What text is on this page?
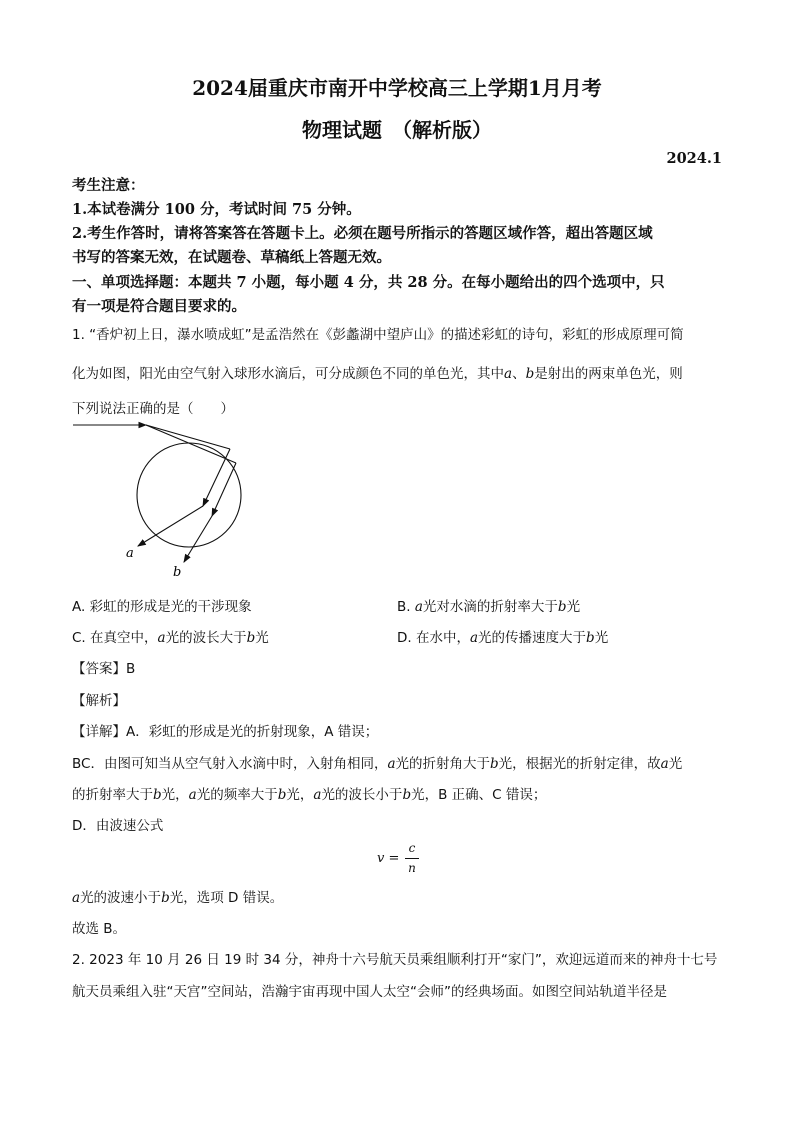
2024届重庆市南开中学校高三上学期1月月考
物理试题　（解析版）
2024.1
考生注意：
1.本试卷满分 100 分，考试时间 75 分钟。
2.考生作答时，请将答案答在答题卡上。必须在题号所指示的答题区域作答，超出答题区域
书写的答案无效，在试题卷、草稿纸上答题无效。
一、单项选择题：本题共 7 小题，每小题 4 分，共 28 分。在每小题给出的四个选项中，只
有一项是符合题目要求的。
1. “香炉初上日，瀑水喷成虹”是孟浩然在《彭蠡湖中望庐山》的描述彩虹的诗句，彩虹的形成原理可简
化为如图，阳光由空气射入球形水滴后，可分成颜色不同的单色光，其中a、b是射出的两束单色光，则
下列说法正确的是（　　）
a
b
A. 彩虹的形成是光的干涉现象	B. a光对水滴的折射率大于b光
C. 在真空中，a光的波长大于b光	D. 在水中，a光的传播速度大于b光
【答案】B
【解析】
【详解】A．彩虹的形成是光的折射现象，A 错误；
BC．由图可知当从空气射入水滴中时，入射角相同，a光的折射角大于b光，根据光的折射定律，故a光
的折射率大于b光，a光的频率大于b光，a光的波长小于b光，B 正确、C 错误；
D．由波速公式
v =
c
n
a光的波速小于b光，选项 D 错误。
故选 B。
2. 2023 年 10 月 26 日 19 时 34 分，神舟十六号航天员乘组顺利打开“家门”，欢迎远道而来的神舟十七号
航天员乘组入驻“天宫”空间站，浩瀚宇宙再现中国人太空“会师”的经典场面。如图空间站轨道半径是
